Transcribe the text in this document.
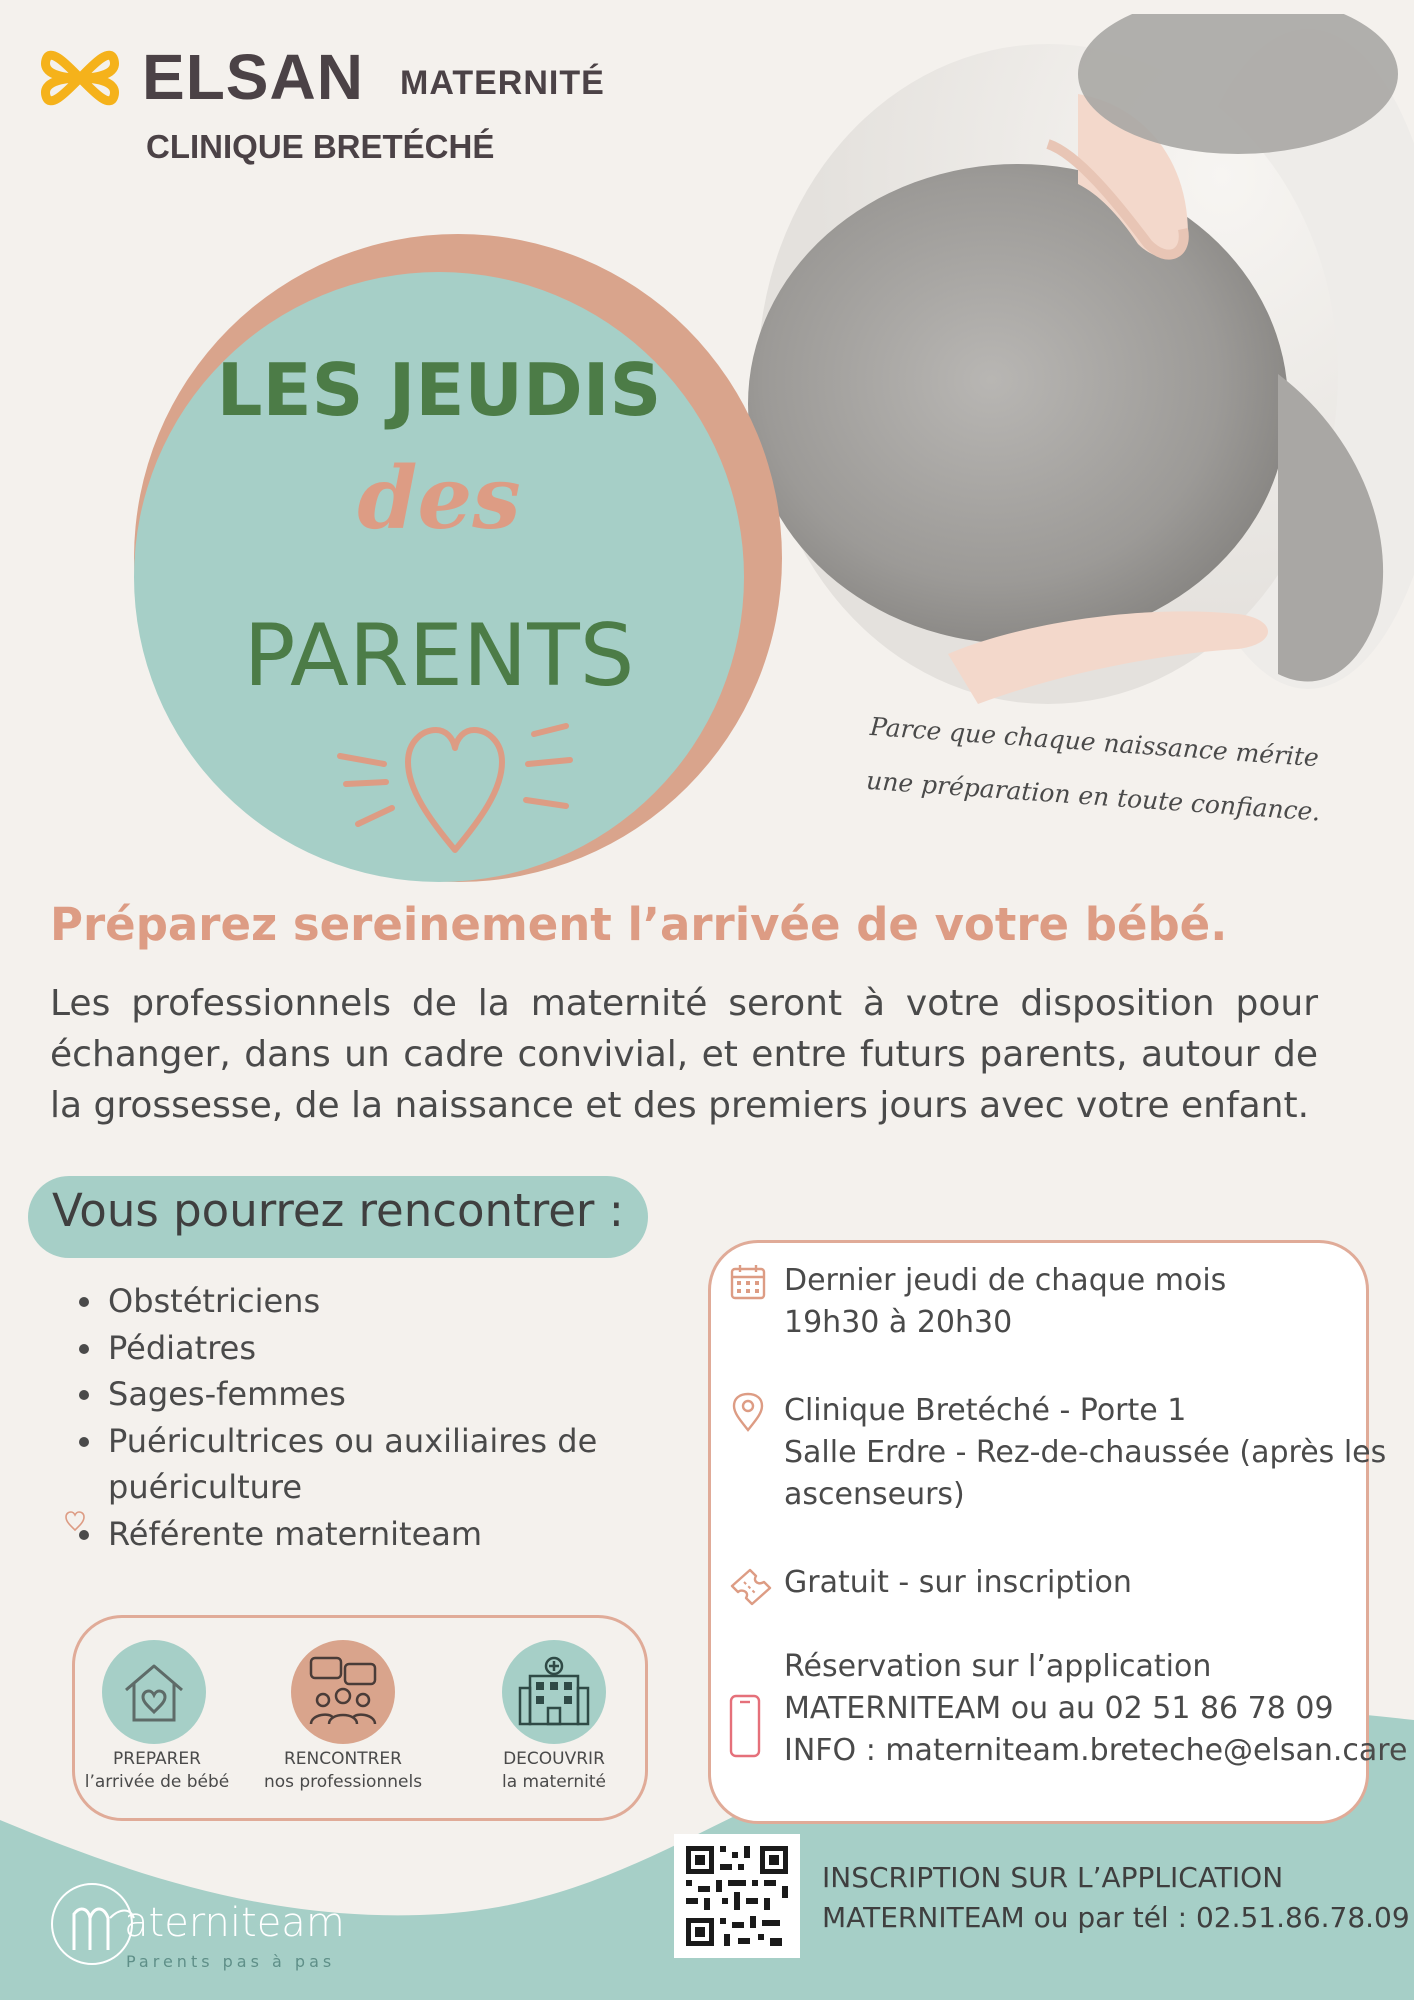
ELSAN MATERNITÉ
CLINIQUE BRETÉCHÉ
Parce que chaque naissance mérite
une préparation en toute confiance.
LES JEUDIS
des
PARENTS
Préparez sereinement l’arrivée de votre bébé.
Les professionnels de la maternité seront à votre disposition pour échanger, dans un cadre convivial, et entre futurs parents, autour de la grossesse, de la naissance et des premiers jours avec votre enfant.
Vous pourrez rencontrer :
• Obstétriciens
• Pédiatres
• Sages-femmes
• Puéricultrices ou auxiliaires de puériculture
• Référente materniteam
PREPARER
l’arrivée de bébé
RENCONTRER
nos professionnels
DECOUVRIR
la maternité
Dernier jeudi de chaque mois
19h30 à 20h30
Clinique Bretéché - Porte 1
Salle Erdre - Rez-de-chaussée (après les
ascenseurs)
Gratuit - sur inscription
Réservation sur l’application
MATERNITEAM ou au 02 51 86 78 09
INFO : materniteam.breteche@elsan.care
INSCRIPTION SUR L’APPLICATION
MATERNITEAM ou par tél : 02.51.86.78.09
aterniteam
Parents pas à pas
